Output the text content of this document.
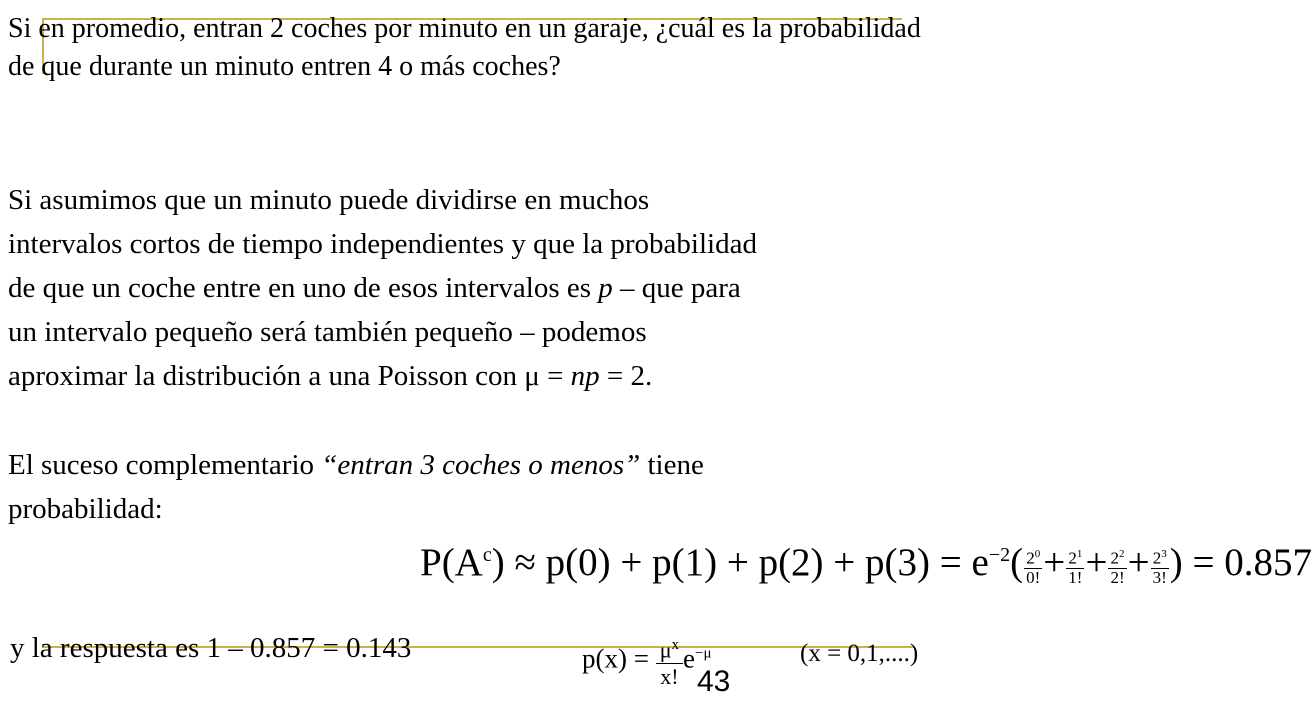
Si en promedio, entran 2 coches por minuto en un garaje, ¿cuál es la probabilidad de que durante un minuto entren 4 o más coches?

Si asumimos que un minuto puede dividirse en muchos
intervalos cortos de tiempo independientes y que la probabilidad
de que un coche entre en uno de esos intervalos es p – que para
un intervalo pequeño será también pequeño – podemos
aproximar la distribución a una Poisson con μ = np = 2.
El suceso complementario “entran 3 coches o menos” tiene
probabilidad:
$P(A^c) \approx p(0) + p(1) + p(2) + p(3) = e^{-2}( \frac{2^0}{0!} + \frac{2^1}{1!} + \frac{2^2}{2!} + \frac{2^3}{3!}$ ) = 0.857
y la respuesta es 1 – 0.857 = 0.143	$p(x) = \frac{\mu^x}{x!} e^{-\mu}$	(x = 0,1,....)
43
